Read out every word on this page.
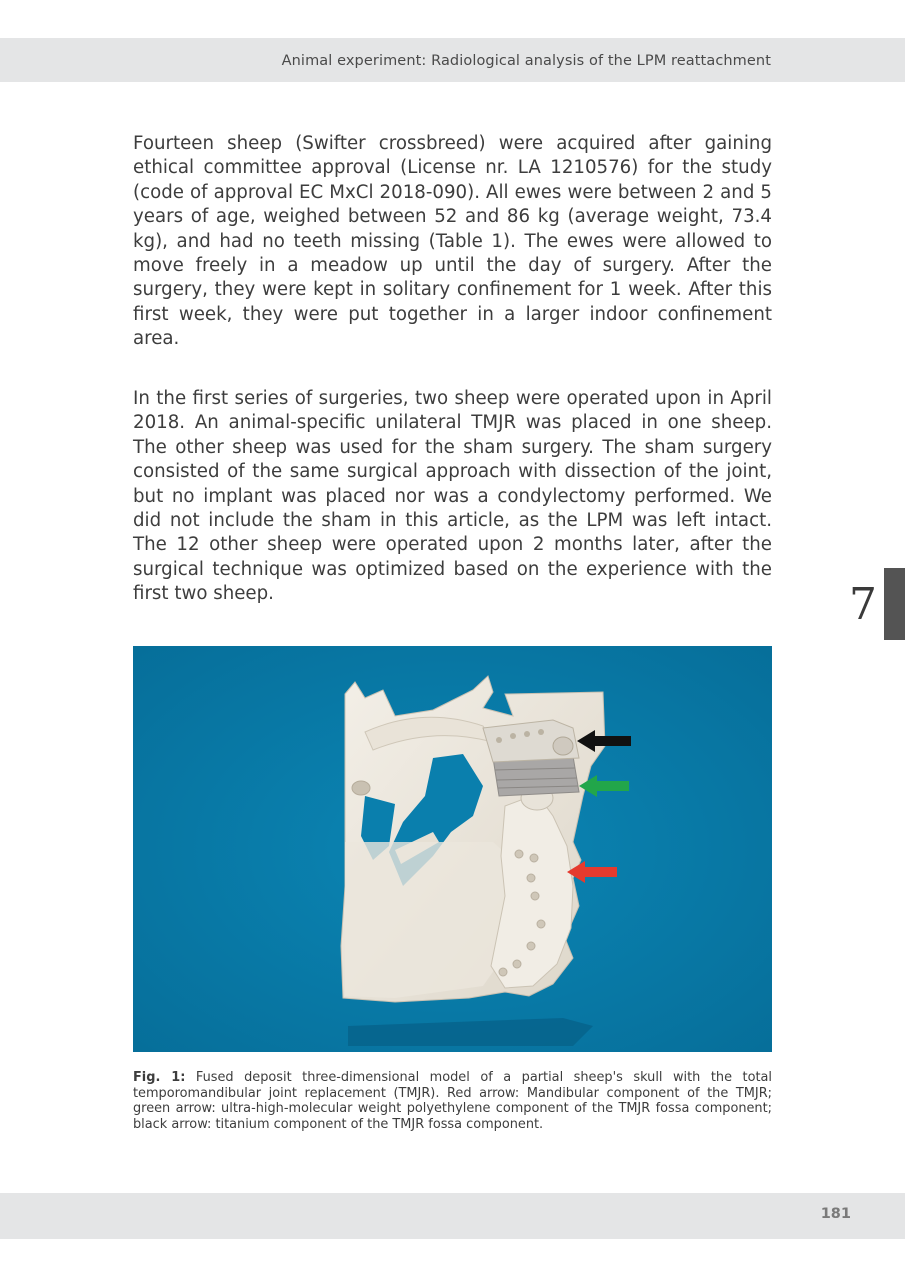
Animal experiment: Radiological analysis of the LPM reattachment

Fourteen sheep (Swifter crossbreed) were acquired after gaining ethical committee approval (License nr. LA 1210576) for the study (code of approval EC MxCl 2018-090). All ewes were between 2 and 5 years of age, weighed between 52 and 86 kg (average weight, 73.4 kg), and had no teeth missing (Table 1). The ewes were allowed to move freely in a meadow up until the day of surgery. After the surgery, they were kept in solitary confinement for 1 week. After this first week, they were put together in a larger indoor confinement area.

In the first series of surgeries, two sheep were operated upon in April 2018. An animal-specific unilateral TMJR was placed in one sheep. The other sheep was used for the sham surgery. The sham surgery consisted of the same surgical approach with dissection of the joint, but no implant was placed nor was a condylectomy performed. We did not include the sham in this article, as the LPM was left intact. The 12 other sheep were operated upon 2 months later, after the surgical technique was optimized based on the experience with the first two sheep.	7

Fig. 1: Fused deposit three-dimensional model of a partial sheep's skull with the total temporomandibular joint replacement (TMJR). Red arrow: Mandibular component of the TMJR; green arrow: ultra-high-molecular weight polyethylene component of the TMJR fossa component; black arrow: titanium component of the TMJR fossa component.

181
